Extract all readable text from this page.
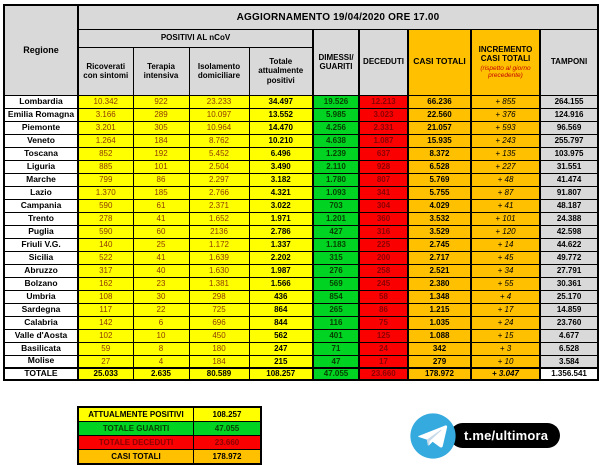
Regione	AGGIORNAMENTO 19/04/2020 ORE 17.00								
	POSITIVI AL nCoV				DIMESSI/ GUARITI	DECEDUTI	CASI TOTALI	INCREMENTO CASI TOTALI
(rispetto al giorno precedente)	TAMPONI
	Ricoverati con sintomi	Terapia intensiva	Isolamento domiciliare	Totale attualmente positivi					
Lombardia	10.342	922	23.233	34.497	19.526	12.213	66.236	+ 855	264.155
Emilia Romagna	3.166	289	10.097	13.552	5.985	3.023	22.560	+ 376	124.916
Piemonte	3.201	305	10.964	14.470	4.256	2.331	21.057	+ 593	96.569
Veneto	1.264	184	8.762	10.210	4.638	1.087	15.935	+ 243	255.797
Toscana	852	192	5.452	6.496	1.239	637	8.372	+ 135	103.975
Liguria	885	101	2.504	3.490	2.110	928	6.528	+ 227	31.551
Marche	799	86	2.297	3.182	1.780	807	5.769	+ 48	41.474
Lazio	1.370	185	2.766	4.321	1.093	341	5.755	+ 87	91.807
Campania	590	61	2.371	3.022	703	304	4.029	+ 41	48.187
Trento	278	41	1.652	1.971	1.201	360	3.532	+ 101	24.388
Puglia	590	60	2136	2.786	427	316	3.529	+ 120	42.598
Friuli V.G.	140	25	1.172	1.337	1.183	225	2.745	+ 14	44.622
Sicilia	522	41	1.639	2.202	315	200	2.717	+ 45	49.772
Abruzzo	317	40	1.630	1.987	276	258	2.521	+ 34	27.791
Bolzano	162	23	1.381	1.566	569	245	2.380	+ 55	30.361
Umbria	108	30	298	436	854	58	1.348	+ 4	25.170
Sardegna	117	22	725	864	265	86	1.215	+ 17	14.859
Calabria	142	6	696	844	116	75	1.035	+ 24	23.760
Valle d'Aosta	102	10	450	562	401	125	1.088	+ 15	4.677
Basilicata	59	8	180	247	71	24	342	+ 3	6.528
Molise	27	4	184	215	47	17	279	+ 10	3.584
TOTALE	25.033	2.635	80.589	108.257	47.055	23.660	178.972	+ 3.047	1.356.541
ATTUALMENTE POSITIVI	108.257
TOTALE GUARITI	47.055
TOTALE DECEDUTI	23.660
CASI TOTALI	178.972
t.me/ultimora
